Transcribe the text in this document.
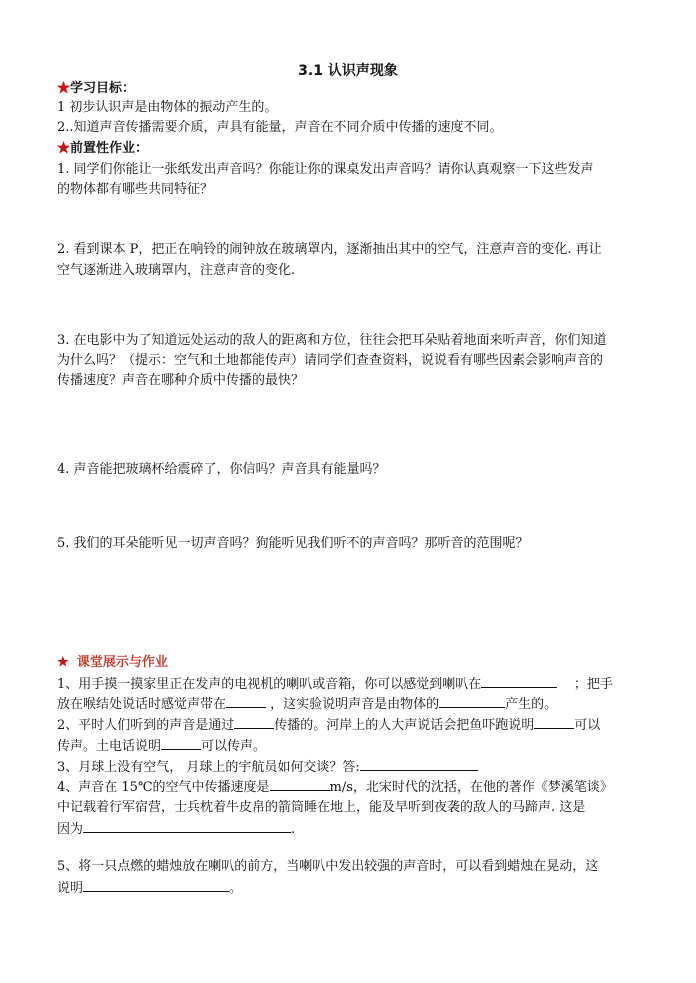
3.1 认识声现象
★学习目标：
1 初步认识声是由物体的振动产生的。
2..知道声音传播需要介质，声具有能量，声音在不同介质中传播的速度不同。
★前置性作业：
1. 同学们你能让一张纸发出声音吗？你能让你的课桌发出声音吗？请你认真观察一下这些发声
的物体都有哪些共同特征？
2. 看到课本 P，把正在响铃的闹钟放在玻璃罩内，逐渐抽出其中的空气，注意声音的变化. 再让
空气逐渐进入玻璃罩内，注意声音的变化.
3. 在电影中为了知道远处运动的敌人的距离和方位，往往会把耳朵贴着地面来听声音，你们知道
为什么吗？（提示：空气和土地都能传声）请同学们查查资料，说说看有哪些因素会影响声音的
传播速度？声音在哪种介质中传播的最快？
4. 声音能把玻璃杯给震碎了，你信吗？声音具有能量吗？
5. 我们的耳朵能听见一切声音吗？狗能听见我们听不的声音吗？那听音的范围呢？
★ 课堂展示与作业
1、用手摸一摸家里正在发声的电视机的喇叭或音箱，你可以感觉到喇叭在	；把手
放在喉结处说话时感觉声带在	，这实验说明声音是由物体的	产生的。
2、平时人们听到的声音是通过	传播的。河岸上的人大声说话会把鱼吓跑说明	可以
传声。土电话说明	可以传声。
3、月球上没有空气， 月球上的宇航员如何交谈？答:
4、声音在 15℃的空气中传播速度是	m/s，北宋时代的沈括，在他的著作《梦溪笔谈》
中记载着行军宿营，士兵枕着牛皮帛的箭筒睡在地上，能及早听到夜袭的敌人的马蹄声. 这是
因为	.
5、将一只点燃的蜡烛放在喇叭的前方，当喇叭中发出较强的声音时，可以看到蜡烛在晃动，这
说明	。
